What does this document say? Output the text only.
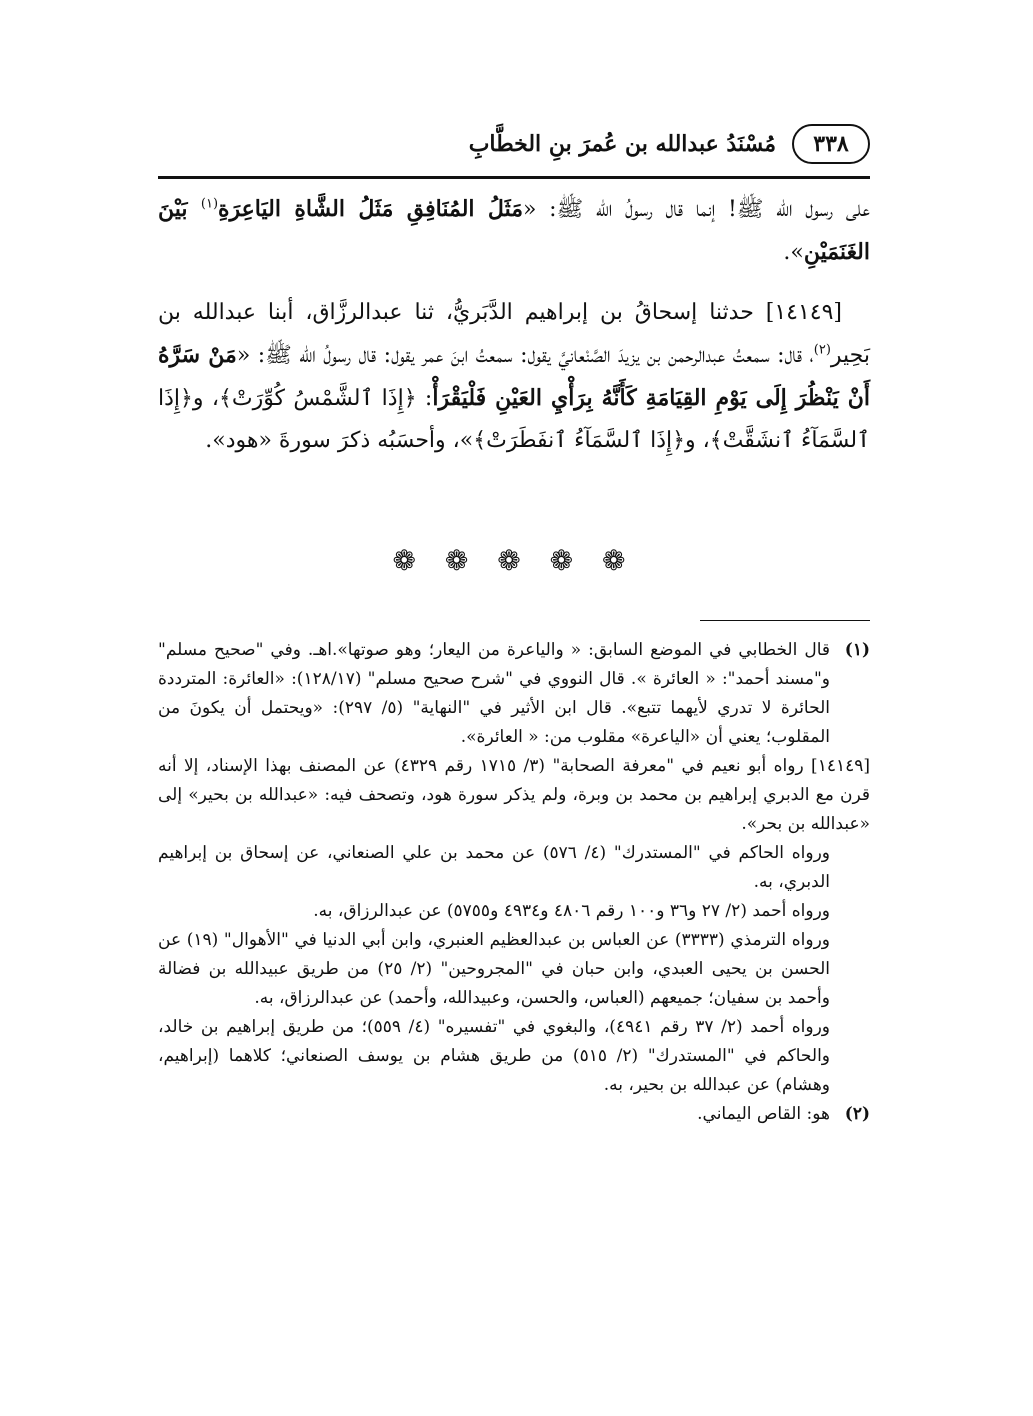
٣٣٨
مُسْنَدُ عبدالله بن عُمرَ بنِ الخطَّابِ

على رسول الله ﷺ! إنما قال رسولُ الله ﷺ: «مَثَلُ المُنَافِقِ مَثَلُ الشَّاةِ اليَاعِرَةِ$^{(١)}$ بَيْنَ الغَنَمَيْنِ».

[١٤١٤٩] حدثنا إسحاقُ بن إبراهيم الدَّبَريُّ، ثنا عبدالرزَّاق، أبنا عبدالله بن بَحِير$^{(٢)}$، قال: سمعتُ عبدالرحمن بن يزيدَ الصَّنْعانيَّ يقول: سمعتُ ابنَ عمر يقول: قال رسولُ الله ﷺ: «مَنْ سَرَّهُ أَنْ يَنْظُرَ إِلَى يَوْمِ القِيَامَةِ كَأَنَّهُ بِرَأْيِ العَيْنِ فَلْيَقْرَأْ: ﴿إِذَا ٱلشَّمْسُ كُوِّرَتْ﴾، و﴿إِذَا ٱلسَّمَآءُ ٱنشَقَّتْ﴾، و﴿إِذَا ٱلسَّمَآءُ ٱنفَطَرَتْ﴾»، وأحسَبُه ذكرَ سورةَ «هود».

❁ ❁ ❁ ❁ ❁
(١)
قال الخطابي في الموضع السابق: « والياعرة من اليعار؛ وهو صوتها».اهـ. وفي "صحيح مسلم" و"مسند أحمد": « العائرة ». قال النووي في "شرح صحيح مسلم" (١٢٨/١٧): «العائرة: المترددة الحائرة لا تدري لأيهما تتبع». قال ابن الأثير في "النهاية" (٥/ ٢٩٧): «ويحتمل أن يكونَ من المقلوب؛ يعني أن «الياعرة» مقلوب من: « العائرة».
[١٤١٤٩] رواه أبو نعيم في "معرفة الصحابة" (٣/ ١٧١٥ رقم ٤٣٢٩) عن المصنف بهذا الإسناد، إلا أنه قرن مع الدبري إبراهيم بن محمد بن وبرة، ولم يذكر سورة هود، وتصحف فيه: «عبدالله بن بحير» إلى «عبدالله بن بحر».
ورواه الحاكم في "المستدرك" (٤/ ٥٧٦) عن محمد بن علي الصنعاني، عن إسحاق بن إبراهيم الدبري، به.
ورواه أحمد (٢/ ٢٧ و٣٦ و١٠٠ رقم ٤٨٠٦ و٤٩٣٤ و٥٧٥٥) عن عبدالرزاق، به.
ورواه الترمذي (٣٣٣٣) عن العباس بن عبدالعظيم العنبري، وابن أبي الدنيا في "الأهوال" (١٩) عن الحسن بن يحيى العبدي، وابن حبان في "المجروحين" (٢/ ٢٥) من طريق عبيدالله بن فضالة وأحمد بن سفيان؛ جميعهم (العباس، والحسن، وعبيدالله، وأحمد) عن عبدالرزاق، به.
ورواه أحمد (٢/ ٣٧ رقم ٤٩٤١)، والبغوي في "تفسيره" (٤/ ٥٥٩)؛ من طريق إبراهيم بن خالد، والحاكم في "المستدرك" (٢/ ٥١٥) من طريق هشام بن يوسف الصنعاني؛ كلاهما (إبراهيم، وهشام) عن عبدالله بن بحير، به.
(٢)
هو: القاص اليماني.
